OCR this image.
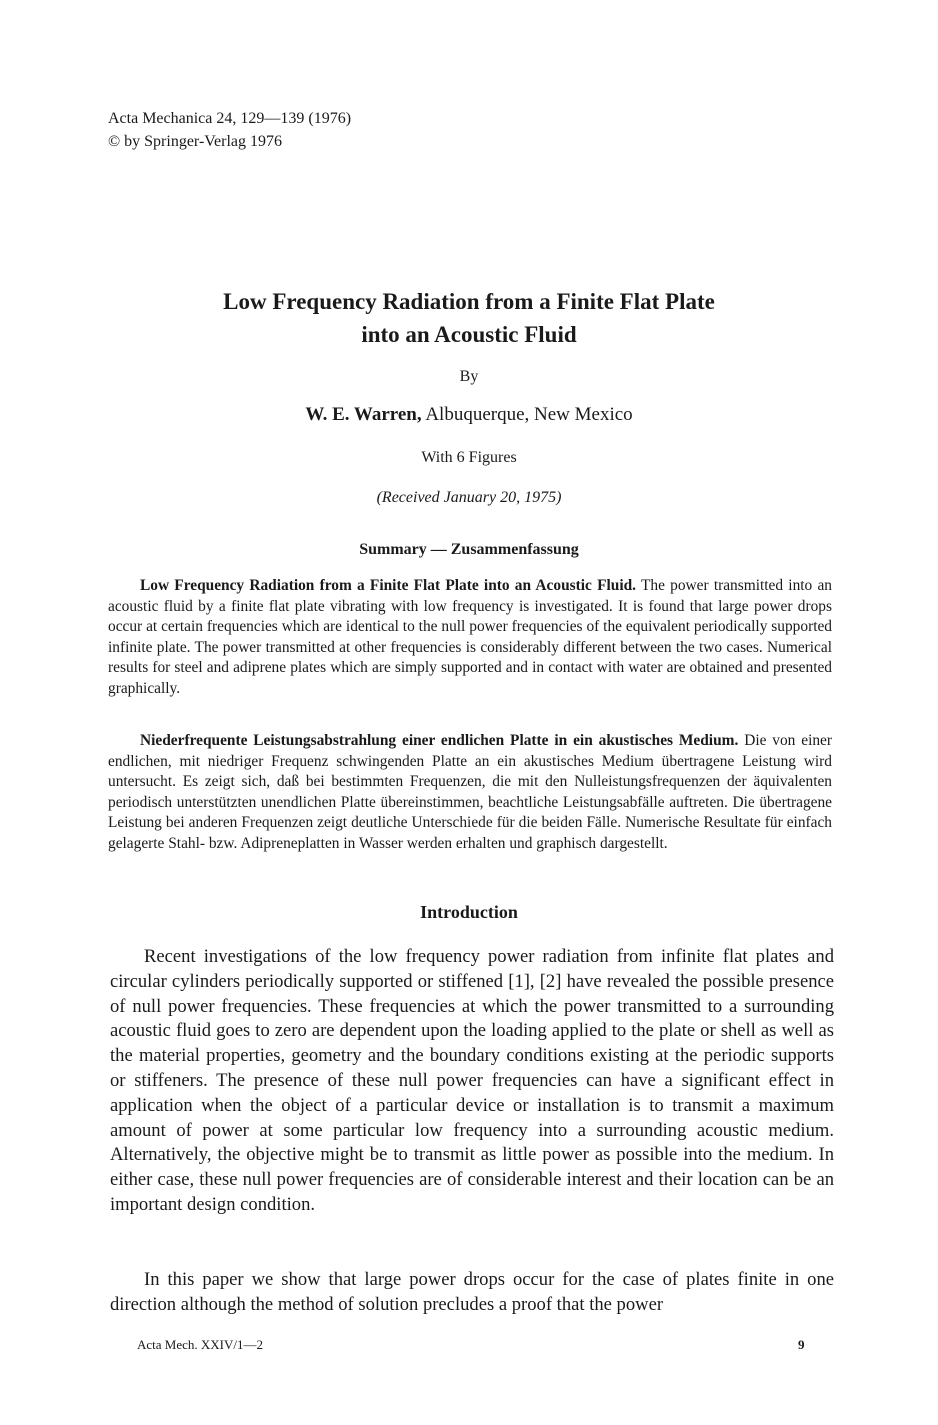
Acta Mechanica 24, 129—139 (1976)
© by Springer-Verlag 1976
Low Frequency Radiation from a Finite Flat Plate
into an Acoustic Fluid
By
W. E. Warren, Albuquerque, New Mexico
With 6 Figures
(Received January 20, 1975)
Summary — Zusammenfassung

Low Frequency Radiation from a Finite Flat Plate into an Acoustic Fluid. The power transmitted into an acoustic fluid by a finite flat plate vibrating with low frequency is investigated. It is found that large power drops occur at certain frequencies which are identical to the null power frequencies of the equivalent periodically supported infinite plate. The power transmitted at other frequencies is considerably different between the two cases. Numerical results for steel and adiprene plates which are simply supported and in contact with water are obtained and presented graphically.

Niederfrequente Leistungsabstrahlung einer endlichen Platte in ein akustisches Medium. Die von einer endlichen, mit niedriger Frequenz schwingenden Platte an ein akustisches Medium übertragene Leistung wird untersucht. Es zeigt sich, daß bei bestimmten Frequenzen, die mit den Nulleistungsfrequenzen der äquivalenten periodisch unterstützten unendlichen Platte übereinstimmen, beachtliche Leistungsabfälle auftreten. Die übertragene Leistung bei anderen Frequenzen zeigt deutliche Unterschiede für die beiden Fälle. Numerische Resultate für einfach gelagerte Stahl- bzw. Adipreneplatten in Wasser werden erhalten und graphisch dargestellt.

Introduction

Recent investigations of the low frequency power radiation from infinite flat plates and circular cylinders periodically supported or stiffened [1], [2] have revealed the possible presence of null power frequencies. These frequencies at which the power transmitted to a surrounding acoustic fluid goes to zero are dependent upon the loading applied to the plate or shell as well as the material properties, geometry and the boundary conditions existing at the periodic supports or stiffeners. The presence of these null power frequencies can have a significant effect in application when the object of a particular device or installation is to transmit a maximum amount of power at some particular low frequency into a surrounding acoustic medium. Alternatively, the objective might be to transmit as little power as possible into the medium. In either case, these null power frequencies are of considerable interest and their location can be an important design condition.

In this paper we show that large power drops occur for the case of plates finite in one direction although the method of solution precludes a proof that the power

Acta Mech. XXIV/1—2	9
